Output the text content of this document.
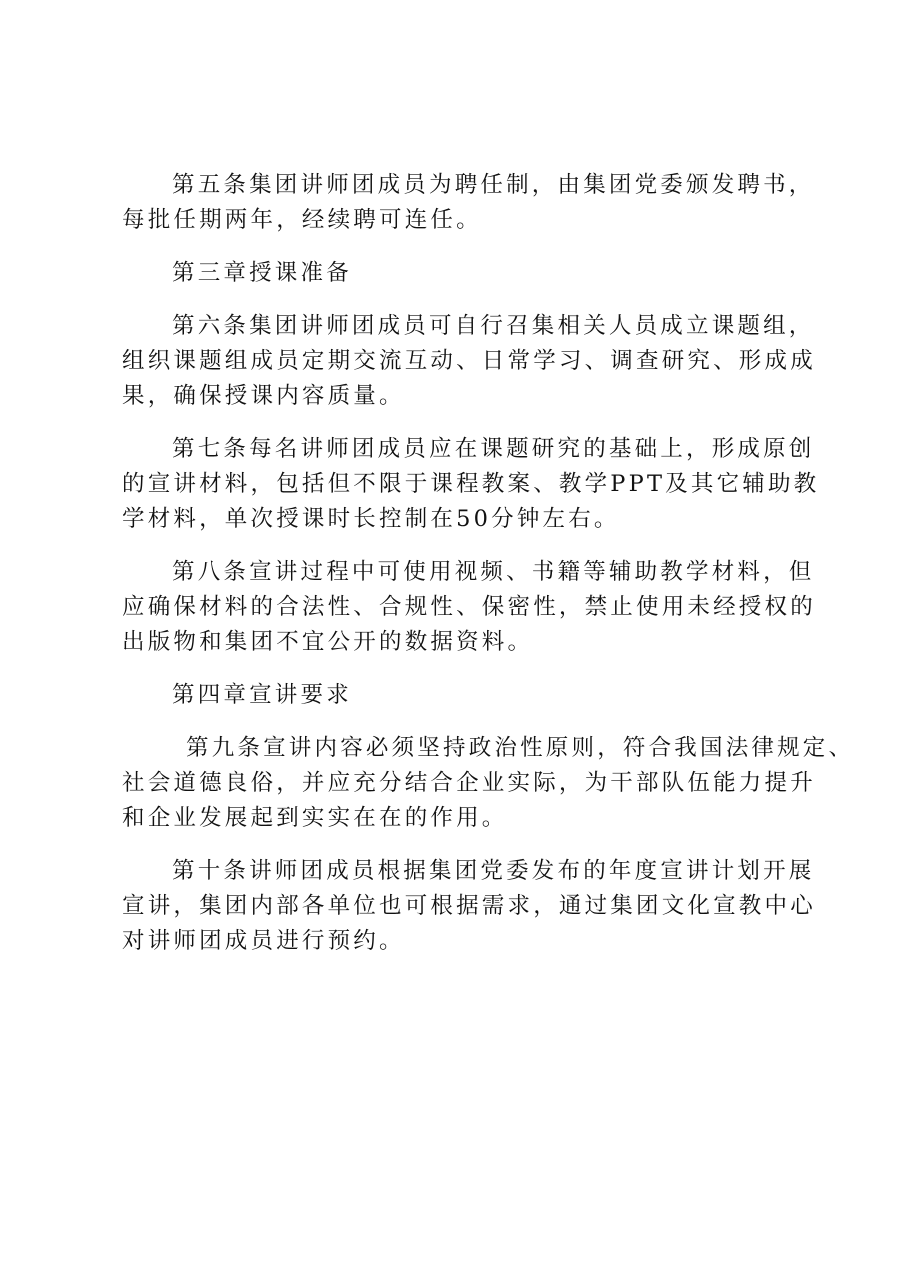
第五条集团讲师团成员为聘任制，由集团党委颁发聘书，
每批任期两年，经续聘可连任。
第三章授课准备
第六条集团讲师团成员可自行召集相关人员成立课题组，
组织课题组成员定期交流互动、日常学习、调查研究、形成成
果，确保授课内容质量。
第七条每名讲师团成员应在课题研究的基础上，形成原创
的宣讲材料，包括但不限于课程教案、教学PPT及其它辅助教
学材料，单次授课时长控制在50分钟左右。
第八条宣讲过程中可使用视频、书籍等辅助教学材料，但
应确保材料的合法性、合规性、保密性，禁止使用未经授权的
出版物和集团不宜公开的数据资料。
第四章宣讲要求
第九条宣讲内容必须坚持政治性原则，符合我国法律规定、
社会道德良俗，并应充分结合企业实际，为干部队伍能力提升
和企业发展起到实实在在的作用。
第十条讲师团成员根据集团党委发布的年度宣讲计划开展
宣讲，集团内部各单位也可根据需求，通过集团文化宣教中心
对讲师团成员进行预约。
